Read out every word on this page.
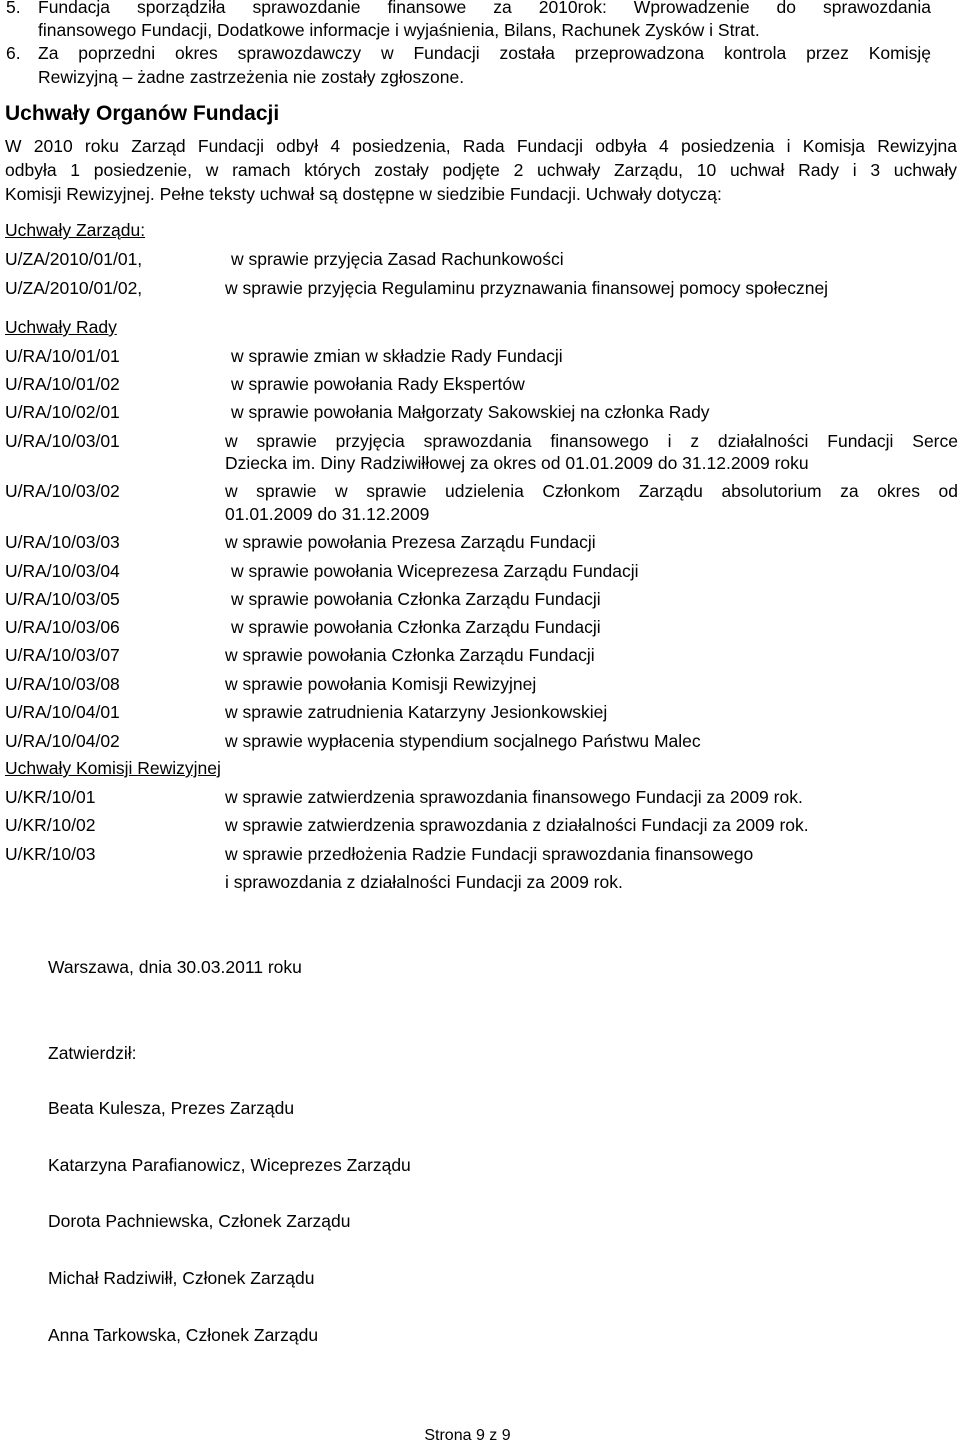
5. Fundacja sporządziła sprawozdanie finansowe za 2010rok: Wprowadzenie do sprawozdania
finansowego Fundacji, Dodatkowe informacje i wyjaśnienia, Bilans, Rachunek Zysków i Strat.
6. Za poprzedni okres sprawozdawczy w Fundacji została przeprowadzona kontrola przez Komisję
Rewizyjną – żadne zastrzeżenia nie zostały zgłoszone.
Uchwały Organów Fundacji
W 2010 roku Zarząd Fundacji odbył 4 posiedzenia, Rada Fundacji odbyła 4 posiedzenia i Komisja Rewizyjna
odbyła 1 posiedzenie, w ramach których zostały podjęte 2 uchwały Zarządu, 10 uchwał Rady i 3 uchwały
Komisji Rewizyjnej. Pełne teksty uchwał są dostępne w siedzibie Fundacji. Uchwały dotyczą:
Uchwały Zarządu:
U/ZA/2010/01/01,	w sprawie przyjęcia Zasad Rachunkowości
U/ZA/2010/01/02,	w sprawie przyjęcia Regulaminu przyznawania finansowej pomocy społecznej
Uchwały Rady
U/RA/10/01/01	w sprawie zmian w składzie Rady Fundacji
U/RA/10/01/02	w sprawie powołania Rady Ekspertów
U/RA/10/02/01	w sprawie powołania Małgorzaty Sakowskiej na członka Rady
U/RA/10/03/01	w sprawie przyjęcia sprawozdania finansowego i z działalności Fundacji Serce
Dziecka im. Diny Radziwiłłowej za okres od 01.01.2009 do 31.12.2009 roku
U/RA/10/03/02	w sprawie w sprawie udzielenia Członkom Zarządu absolutorium za okres od
01.01.2009 do 31.12.2009
U/RA/10/03/03	w sprawie powołania Prezesa Zarządu Fundacji
U/RA/10/03/04	w sprawie powołania Wiceprezesa Zarządu Fundacji
U/RA/10/03/05	w sprawie powołania Członka Zarządu Fundacji
U/RA/10/03/06	w sprawie powołania Członka Zarządu Fundacji
U/RA/10/03/07	w sprawie powołania Członka Zarządu Fundacji
U/RA/10/03/08	w sprawie powołania Komisji Rewizyjnej
U/RA/10/04/01	w sprawie zatrudnienia Katarzyny Jesionkowskiej
U/RA/10/04/02	w sprawie wypłacenia stypendium socjalnego Państwu Malec
Uchwały Komisji Rewizyjnej
U/KR/10/01	w sprawie zatwierdzenia sprawozdania finansowego Fundacji za 2009 rok.
U/KR/10/02	w sprawie zatwierdzenia sprawozdania z działalności Fundacji za 2009 rok.
U/KR/10/03	w sprawie przedłożenia Radzie Fundacji sprawozdania finansowego
i sprawozdania z działalności Fundacji za 2009 rok.
Warszawa, dnia 30.03.2011 roku
Zatwierdził:
Beata Kulesza, Prezes Zarządu
Katarzyna Parafianowicz, Wiceprezes Zarządu
Dorota Pachniewska, Członek Zarządu
Michał Radziwiłł, Członek Zarządu
Anna Tarkowska, Członek Zarządu
Strona 9 z 9
